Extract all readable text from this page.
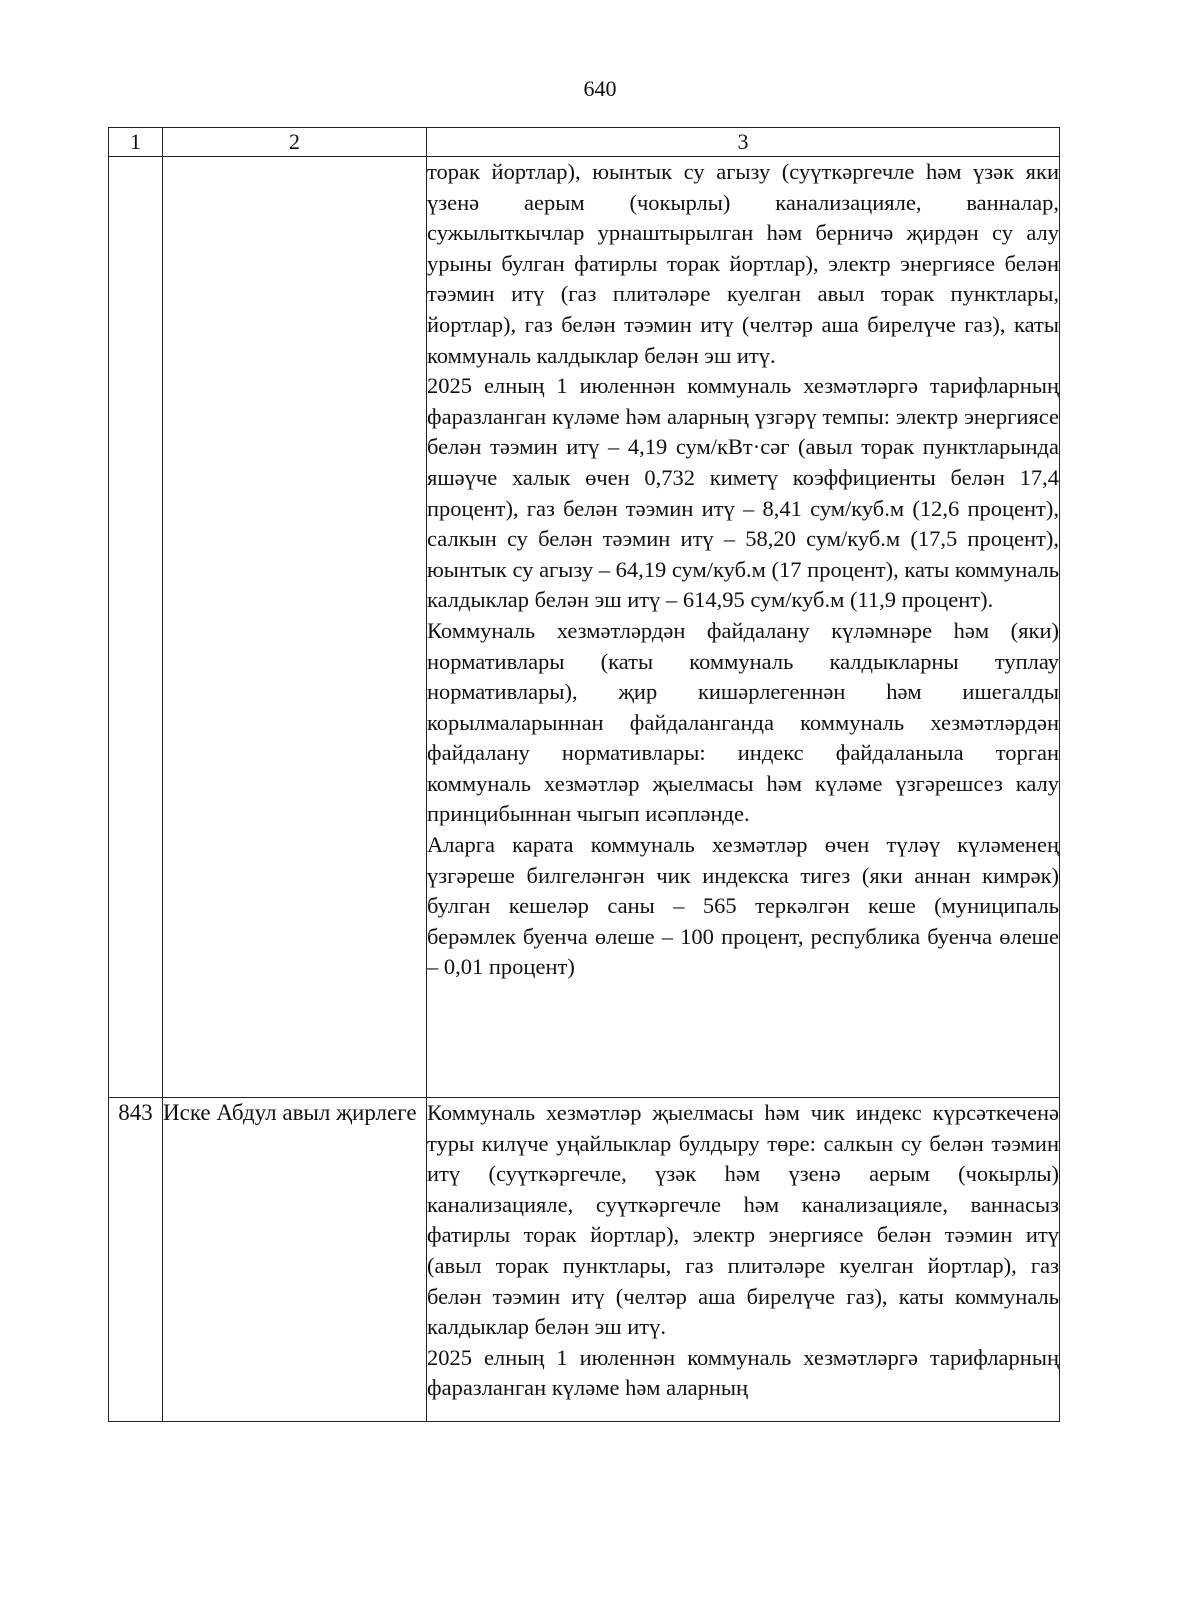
640
1	2	3

		торак йортлар), юынтык су агызу (суүткәргечле һәм үзәк яки үзенә аерым (чокырлы) канализацияле, ванналар, сужылыткычлар урнаштырылган һәм берничә җирдән су алу урыны булган фатирлы торак йортлар), электр энергиясе белән тәэмин итү (газ плитәләре куелган авыл торак пунктлары, йортлар), газ белән тәэмин итү (челтәр аша бирелүче газ), каты коммуналь калдыклар белән эш итү.

2025 елның 1 июленнән коммуналь хезмәтләргә тарифларның фаразланган күләме һәм аларның үзгәрү темпы: электр энергиясе белән тәэмин итү – 4,19 сум/кВт·сәг (авыл торак пунктларында яшәүче халык өчен 0,732 киметү коэффициенты белән 17,4 процент), газ белән тәэмин итү – 8,41 сум/куб.м (12,6 процент), салкын су белән тәэмин итү – 58,20 сум/куб.м (17,5 процент), юынтык су агызу – 64,19 сум/куб.м (17 процент), каты коммуналь калдыклар белән эш итү – 614,95 сум/куб.м (11,9 процент).

Коммуналь хезмәтләрдән файдалану күләмнәре һәм (яки) нормативлары (каты коммуналь калдыкларны туплау нормативлары), җир кишәрлегеннән һәм ишегалды корылмаларыннан файдаланганда коммуналь хезмәтләрдән файдалану нормативлары: индекс файдаланыла торган коммуналь хезмәтләр җыелмасы һәм күләме үзгәрешсез калу принцибыннан чыгып исәпләнде.

Аларга карата коммуналь хезмәтләр өчен түләү күләменең үзгәреше билгеләнгән чик индекска тигез (яки аннан кимрәк) булган кешеләр саны – 565 теркәлгән кеше (муниципаль берәмлек буенча өлеше – 100 процент, республика буенча өлеше – 0,01 процент)

843	Иске Абдул авыл җирлеге	Коммуналь хезмәтләр җыелмасы һәм чик индекс күрсәткеченә туры килүче уңайлыклар булдыру төре: салкын су белән тәэмин итү (суүткәргечле, үзәк һәм үзенә аерым (чокырлы) канализацияле, суүткәргечле һәм канализацияле, ваннасыз фатирлы торак йортлар), электр энергиясе белән тәэмин итү (авыл торак пунктлары, газ плитәләре куелган йортлар), газ белән тәэмин итү (челтәр аша бирелүче газ), каты коммуналь калдыклар белән эш итү.

2025 елның 1 июленнән коммуналь хезмәтләргә тарифларның фаразланган күләме һәм аларның
